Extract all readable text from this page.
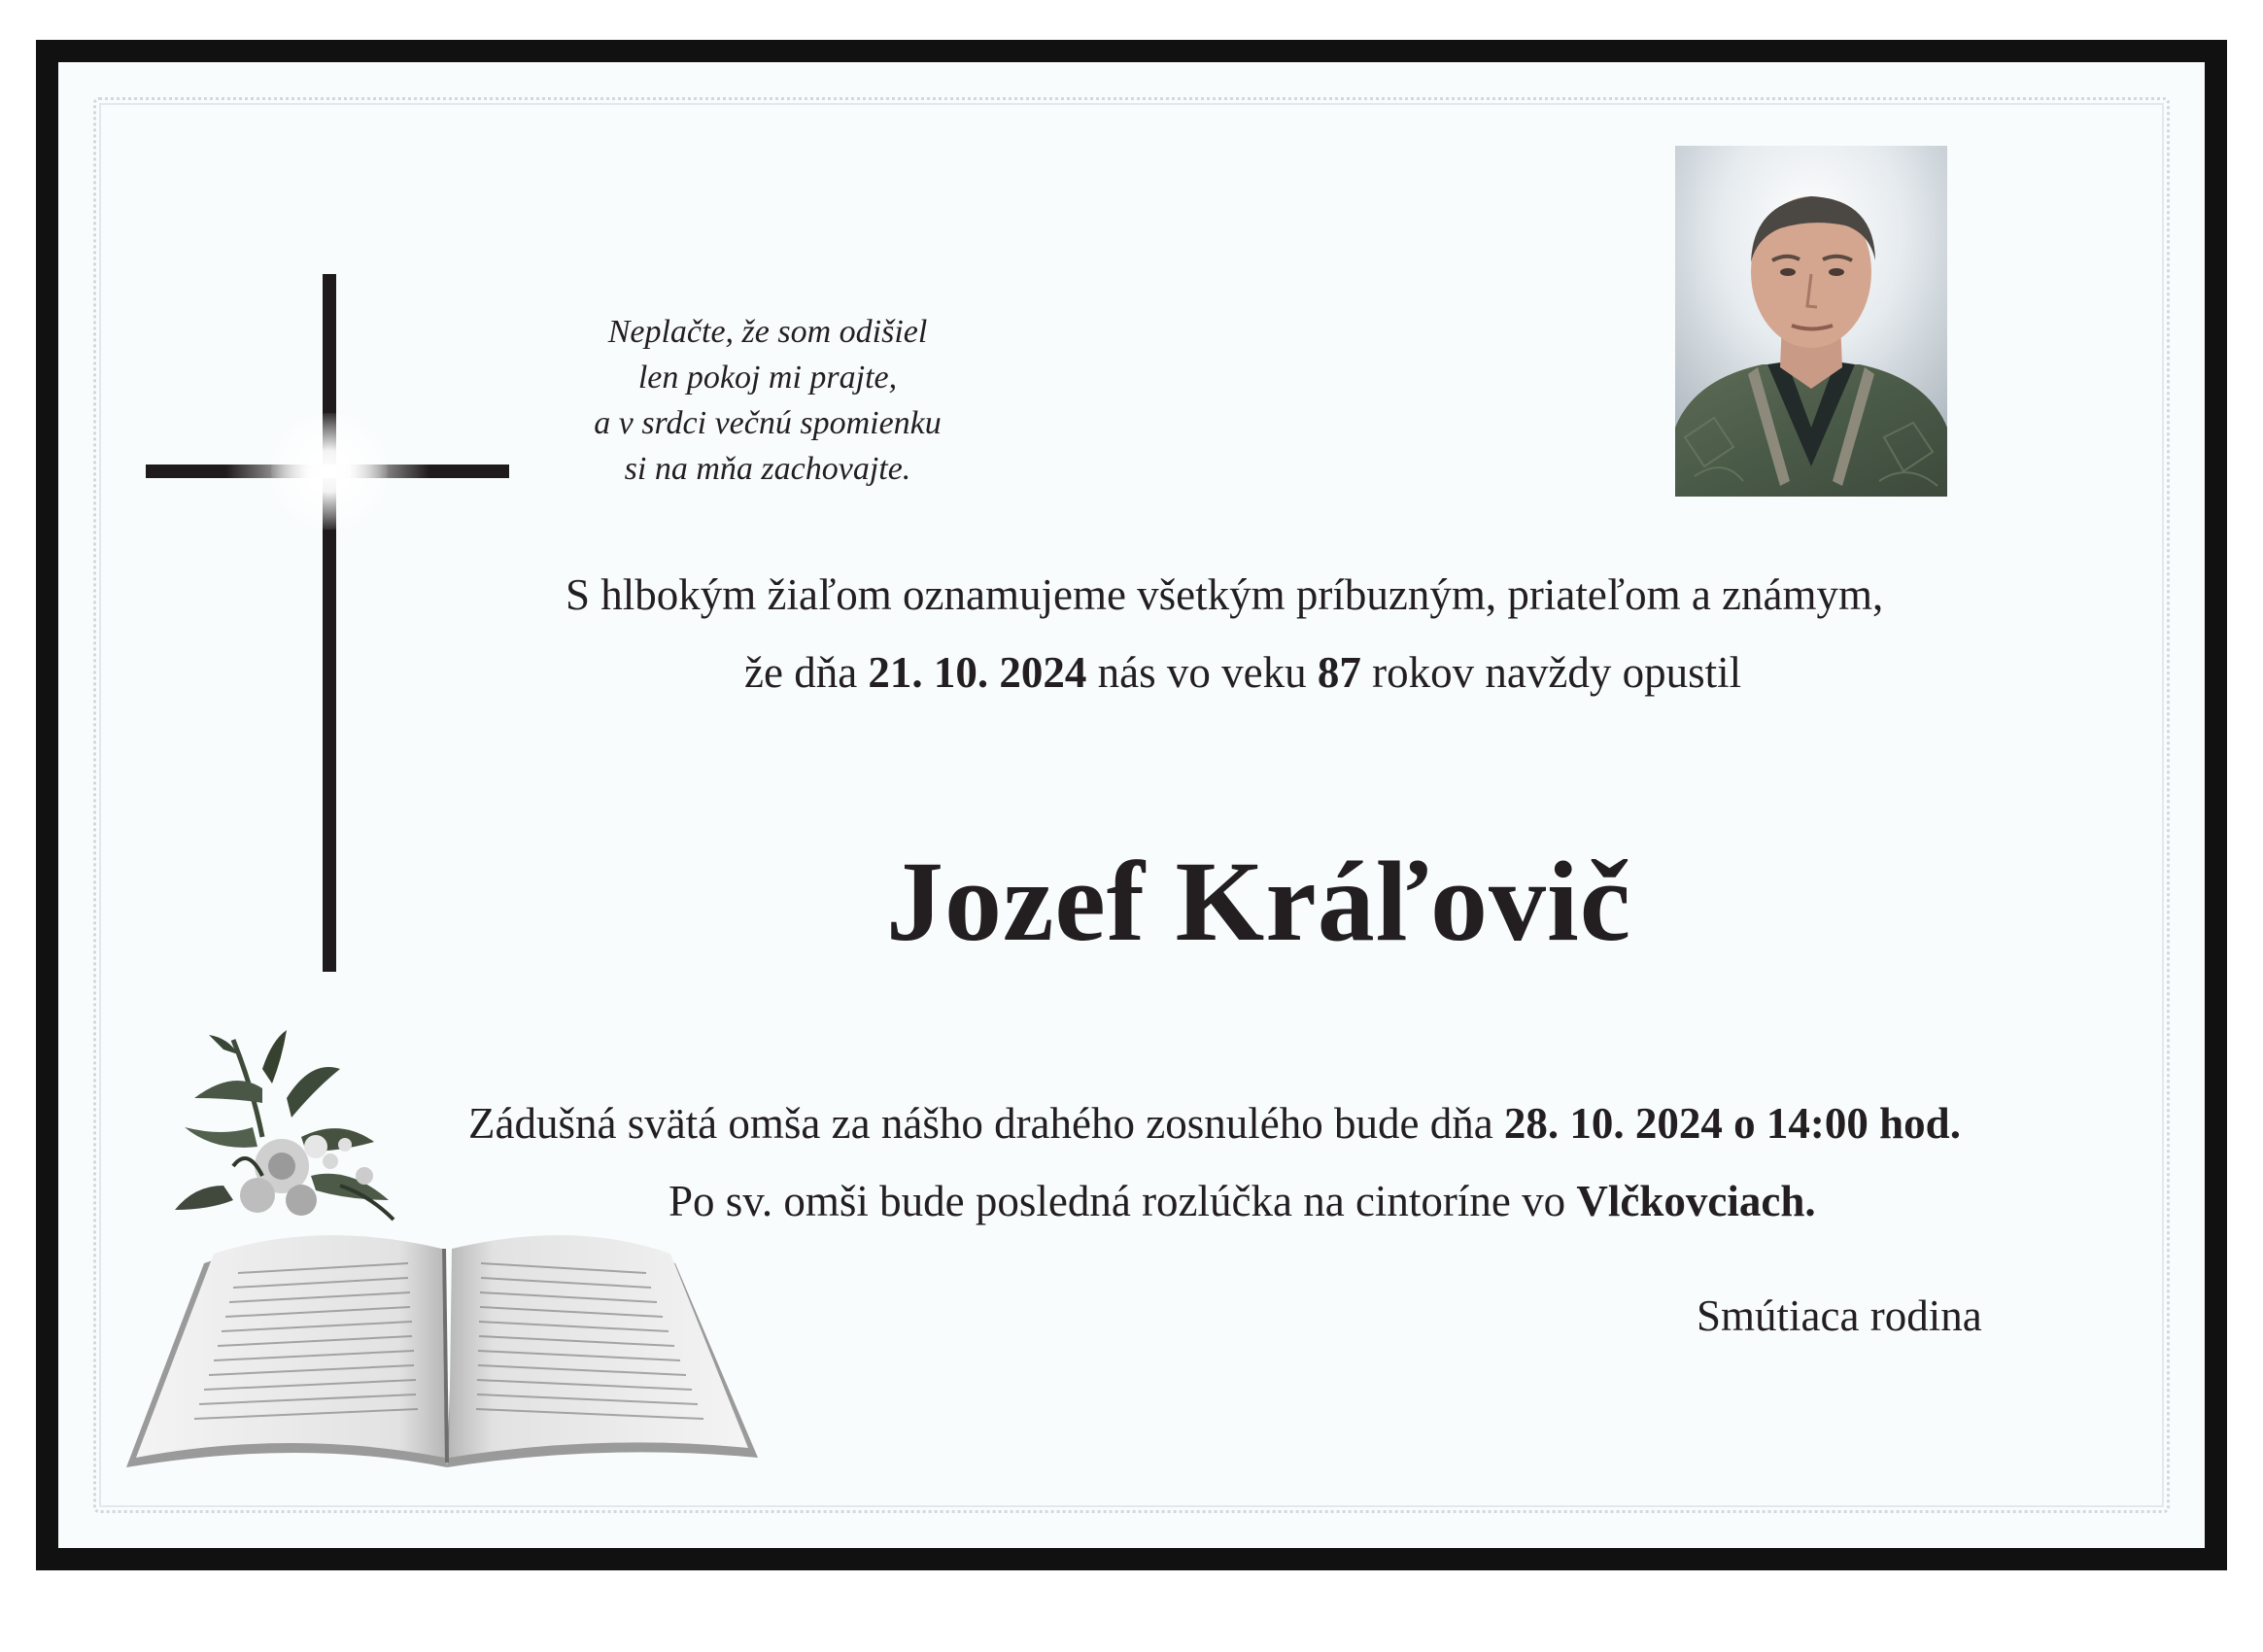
Neplačte, že som odišiel
len pokoj mi prajte,
a v srdci večnú spomienku
si na mňa zachovajte.
S hlbokým žiaľom oznamujeme všetkým príbuzným, priateľom a známym,
že dňa 21. 10. 2024 nás vo veku 87 rokov navždy opustil
Jozef Kráľovič
Zádušná svätá omša za nášho drahého zosnulého bude dňa 28. 10. 2024 o 14:00 hod.
Po sv. omši bude posledná rozlúčka na cintoríne vo Vlčkovciach.
Smútiaca rodina
